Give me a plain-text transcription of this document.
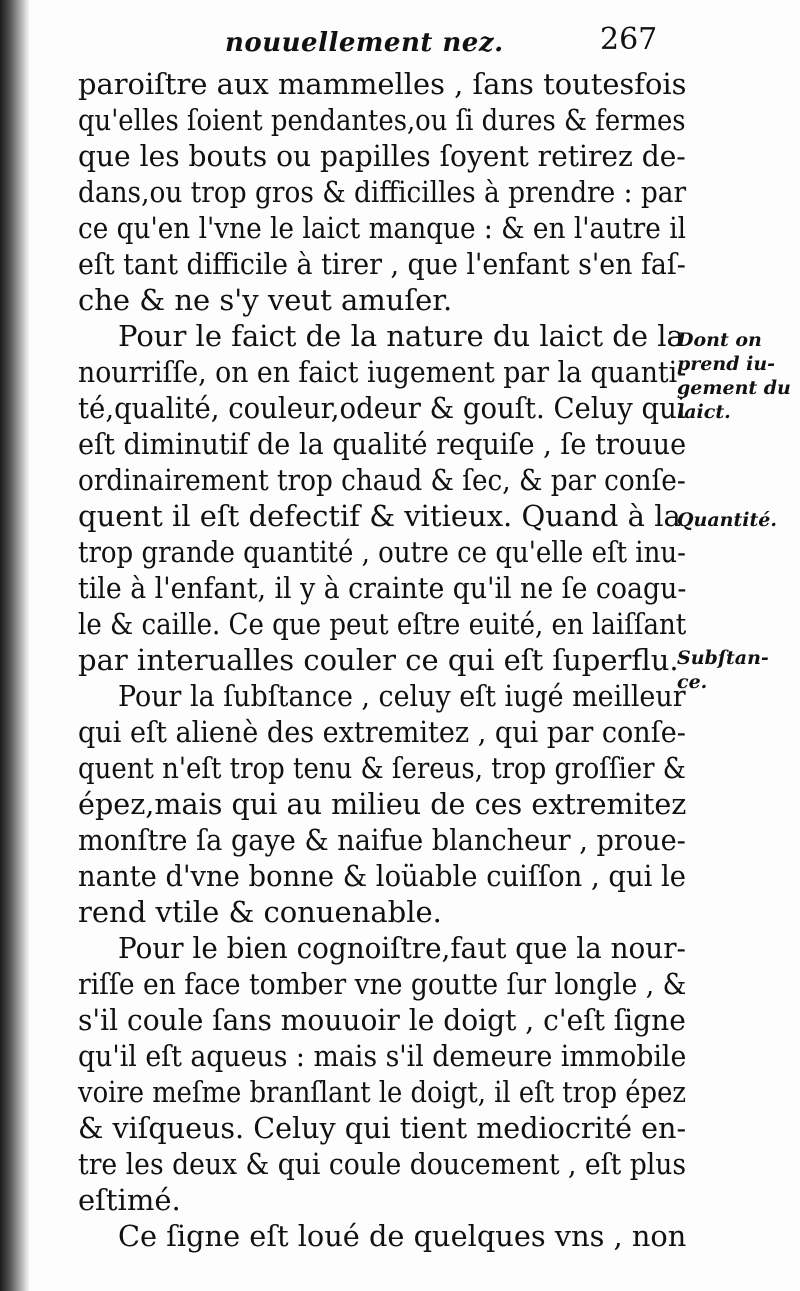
nouuellement nez.	267
paroiſtre aux mammelles , ſans toutesfois
qu'elles ſoient pendantes,ou ſi dures & fermes
que les bouts ou papilles ſoyent retirez de-
dans,ou trop gros & difficilles à prendre : par
ce qu'en l'vne le laict manque : & en l'autre il
eſt tant difficile à tirer , que l'enfant s'en faſ-
che & ne s'y veut amuſer.
Pour le faict de la nature du laict de la
nourriſſe, on en faict iugement par la quanti-
té,qualité, couleur,odeur & gouſt. Celuy qui
eſt diminutif de la qualité requiſe , ſe trouue
ordinairement trop chaud & ſec, & par conſe-
quent il eſt defectif & vitieux. Quand à la
trop grande quantité , outre ce qu'elle eſt inu-
tile à l'enfant, il y à crainte qu'il ne ſe coagu-
le & caille. Ce que peut eſtre euité, en laiſſant
par interualles couler ce qui eſt ſuperflu.
Pour la ſubſtance , celuy eſt iugé meilleur
qui eſt alienè des extremitez , qui par conſe-
quent n'eſt trop tenu & ſereus, trop groſſier &
épez,mais qui au milieu de ces extremitez
monſtre ſa gaye & naifue blancheur , proue-
nante d'vne bonne & loüable cuiſſon , qui le
rend vtile & conuenable.
Pour le bien cognoiſtre,faut que la nour-
riſſe en face tomber vne goutte ſur longle , &
s'il coule ſans mouuoir le doigt , c'eſt ſigne
qu'il eſt aqueus : mais s'il demeure immobile
voire meſme branſlant le doigt, il eſt trop épez
& viſqueus. Celuy qui tient mediocrité en-
tre les deux & qui coule doucement , eſt plus
eſtimé.
Ce ſigne eſt loué de quelques vns , non
Dont on
prend iu-
gement du
laict.
Quantité.
Subſtan-
ce.
